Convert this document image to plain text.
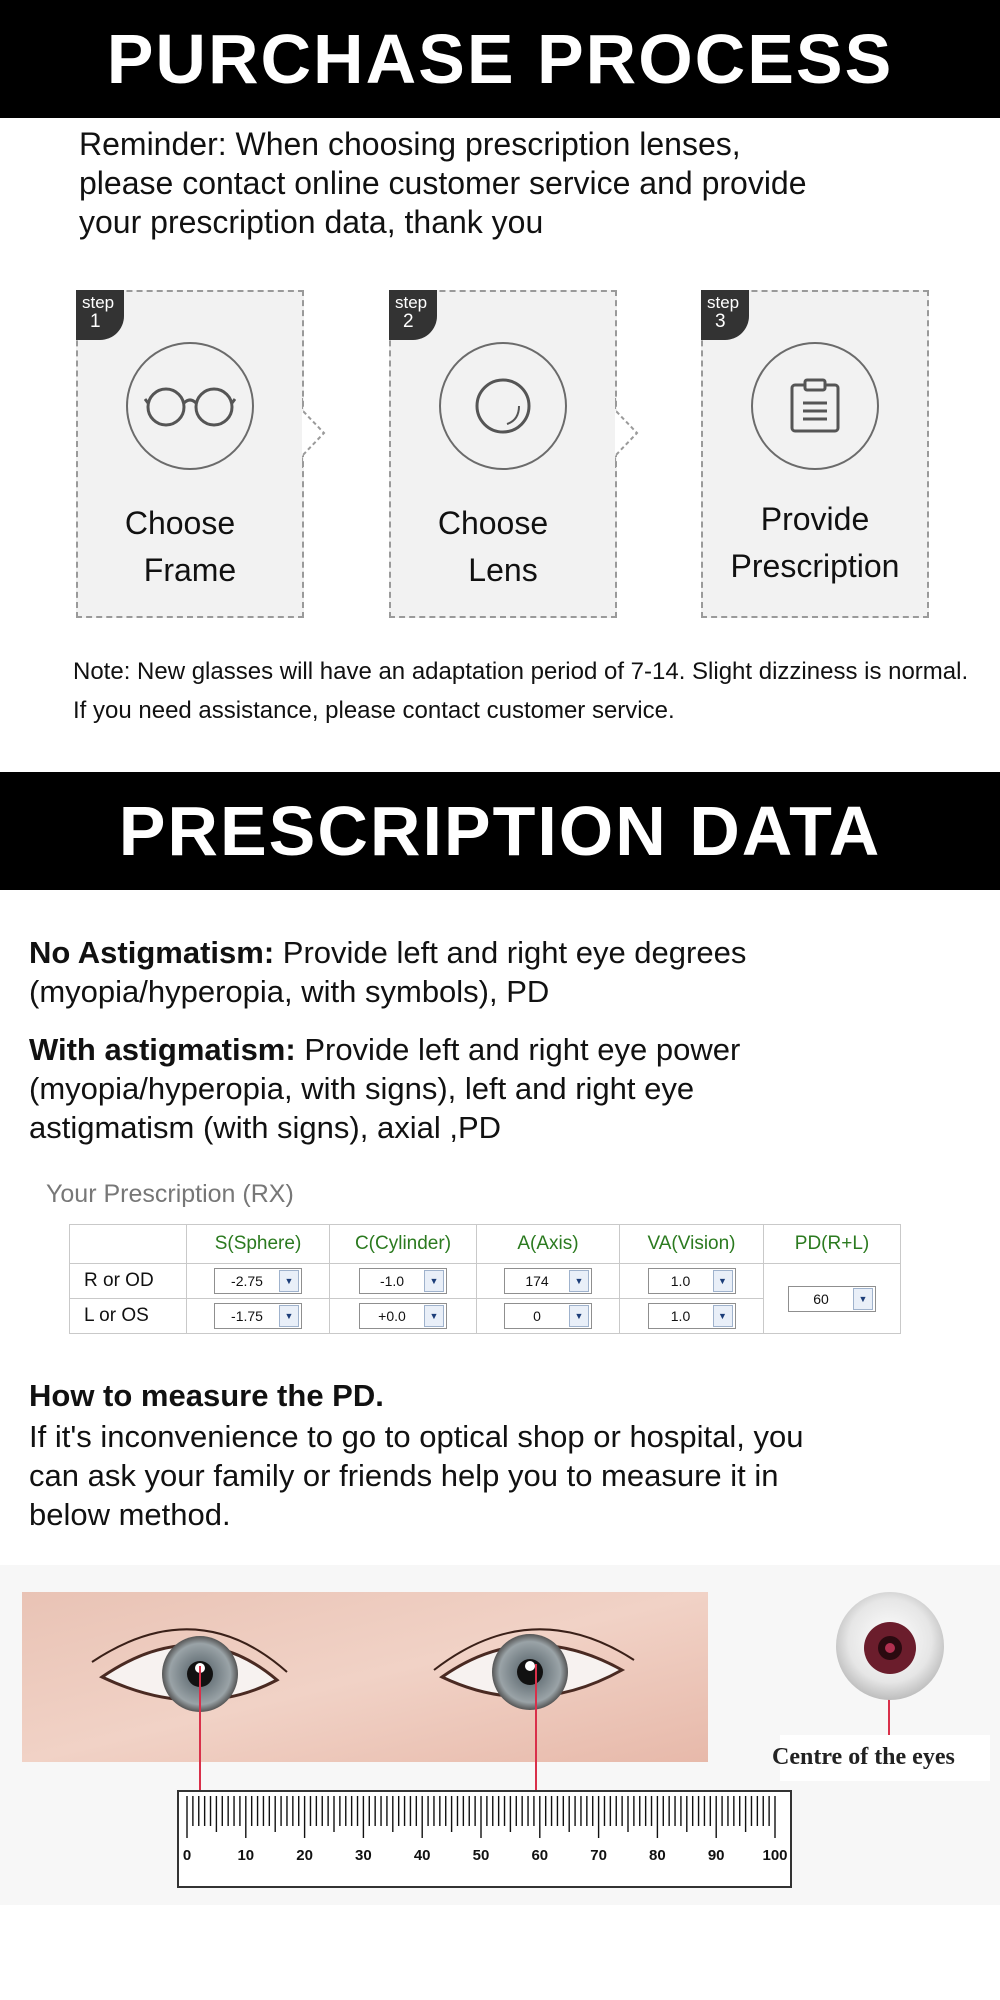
PURCHASE PROCESS
Reminder: When choosing prescription lenses,
please contact online customer service and provide
your prescription data, thank you
step
1
Choose
Frame
step
2
Choose
Lens
step
3
Provide
Prescription
Note: New glasses will have an adaptation period of 7-14. Slight dizziness is normal. If you need assistance, please contact customer service.
PRESCRIPTION DATA
No Astigmatism: Provide left and right eye degrees (myopia/hyperopia, with symbols), PD
With astigmatism: Provide left and right eye power (myopia/hyperopia, with signs), left and right eye astigmatism (with signs), axial ,PD
Your Prescription (RX)
	S(Sphere)	C(Cylinder)	A(Axis)	VA(Vision)	PD(R+L)
R or OD	-2.75 ▼	-1.0 ▼	174 ▼	1.0 ▼	60 ▼

L or OS	-1.75 ▼	+0.0 ▼	0 ▼	1.0 ▼	
How to measure the PD.
If it's inconvenience to go to optical shop or hospital, you can ask your family or friends help you to measure it in below method.
0	10	20	30	40	50	60	70	80	90	100
Centre of the eyes
